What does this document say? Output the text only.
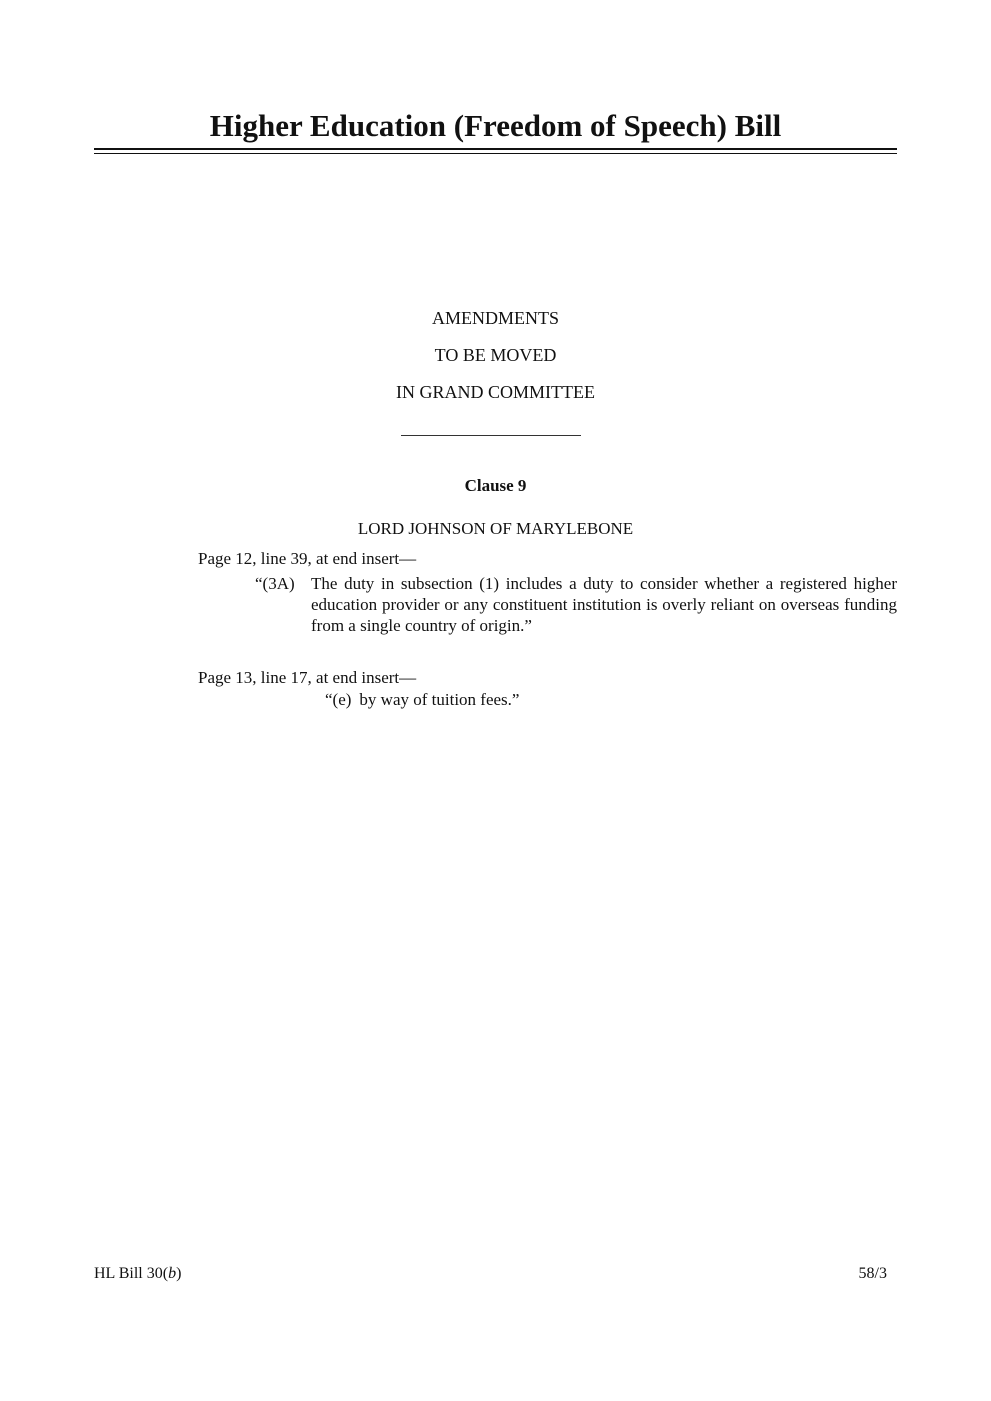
Higher Education (Freedom of Speech) Bill
AMENDMENTS
TO BE MOVED
IN GRAND COMMITTEE
Clause 9
LORD JOHNSON OF MARYLEBONE
Page 12, line 39, at end insert—
“(3A) The duty in subsection (1) includes a duty to consider whether a registered higher education provider or any constituent institution is overly reliant on overseas funding from a single country of origin.”
Page 13, line 17, at end insert—
“(e) by way of tuition fees.”
HL Bill 30(b)	58/3
